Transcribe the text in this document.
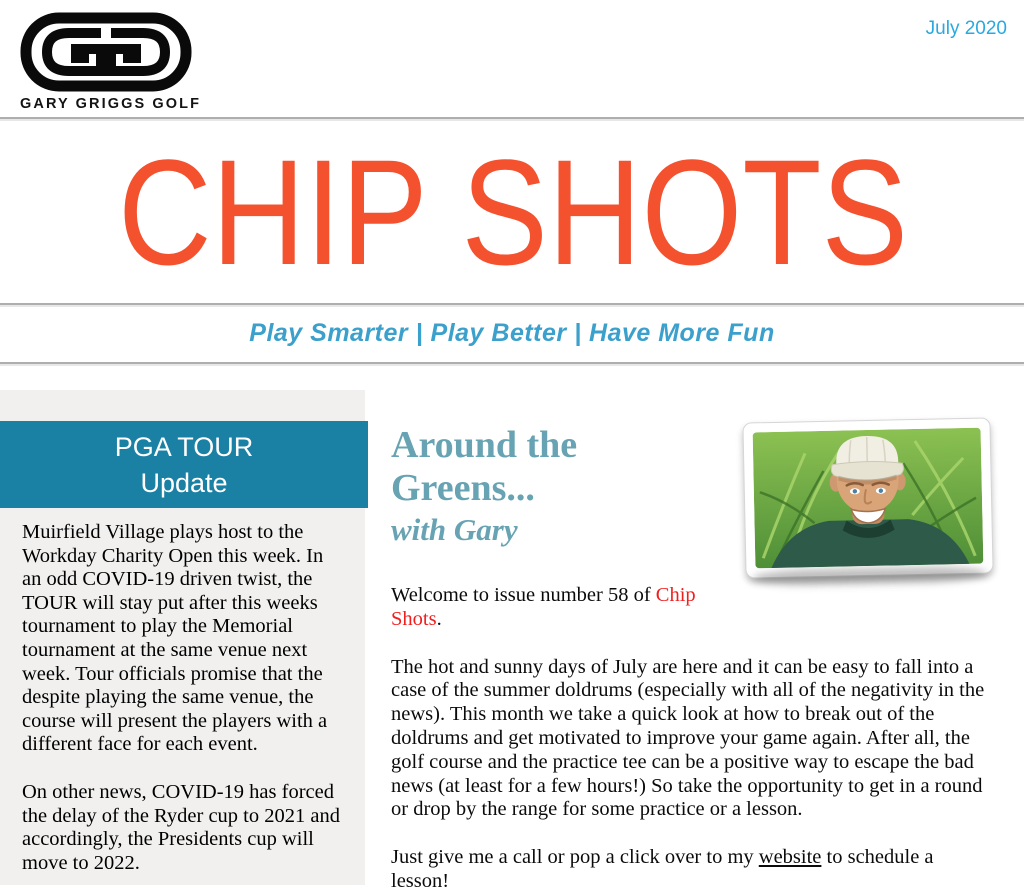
GARY GRIGGS GOLF
July 2020
CHIP SHOTS
Play Smarter | Play Better | Have More Fun
PGA TOUR
Update

Muirfield Village plays host to the Workday Charity Open this week. In an odd COVID-19 driven twist, the TOUR will stay put after this weeks tournament to play the Memorial tournament at the same venue next week. Tour officials promise that the despite playing the same venue, the course will present the players with a different face for each event.

On other news, COVID-19 has forced the delay of the Ryder cup to 2021 and accordingly, the Presidents cup will move to 2022.

Around the Greens...
with Gary

Welcome to issue number 58 of Chip Shots.

The hot and sunny days of July are here and it can be easy to fall into a case of the summer doldrums (especially with all of the negativity in the news). This month we take a quick look at how to break out of the doldrums and get motivated to improve your game again. After all, the golf course and the practice tee can be a positive way to escape the bad news (at least for a few hours!) So take the opportunity to get in a round or drop by the range for some practice or a lesson.

Just give me a call or pop a click over to my website to schedule a lesson!
